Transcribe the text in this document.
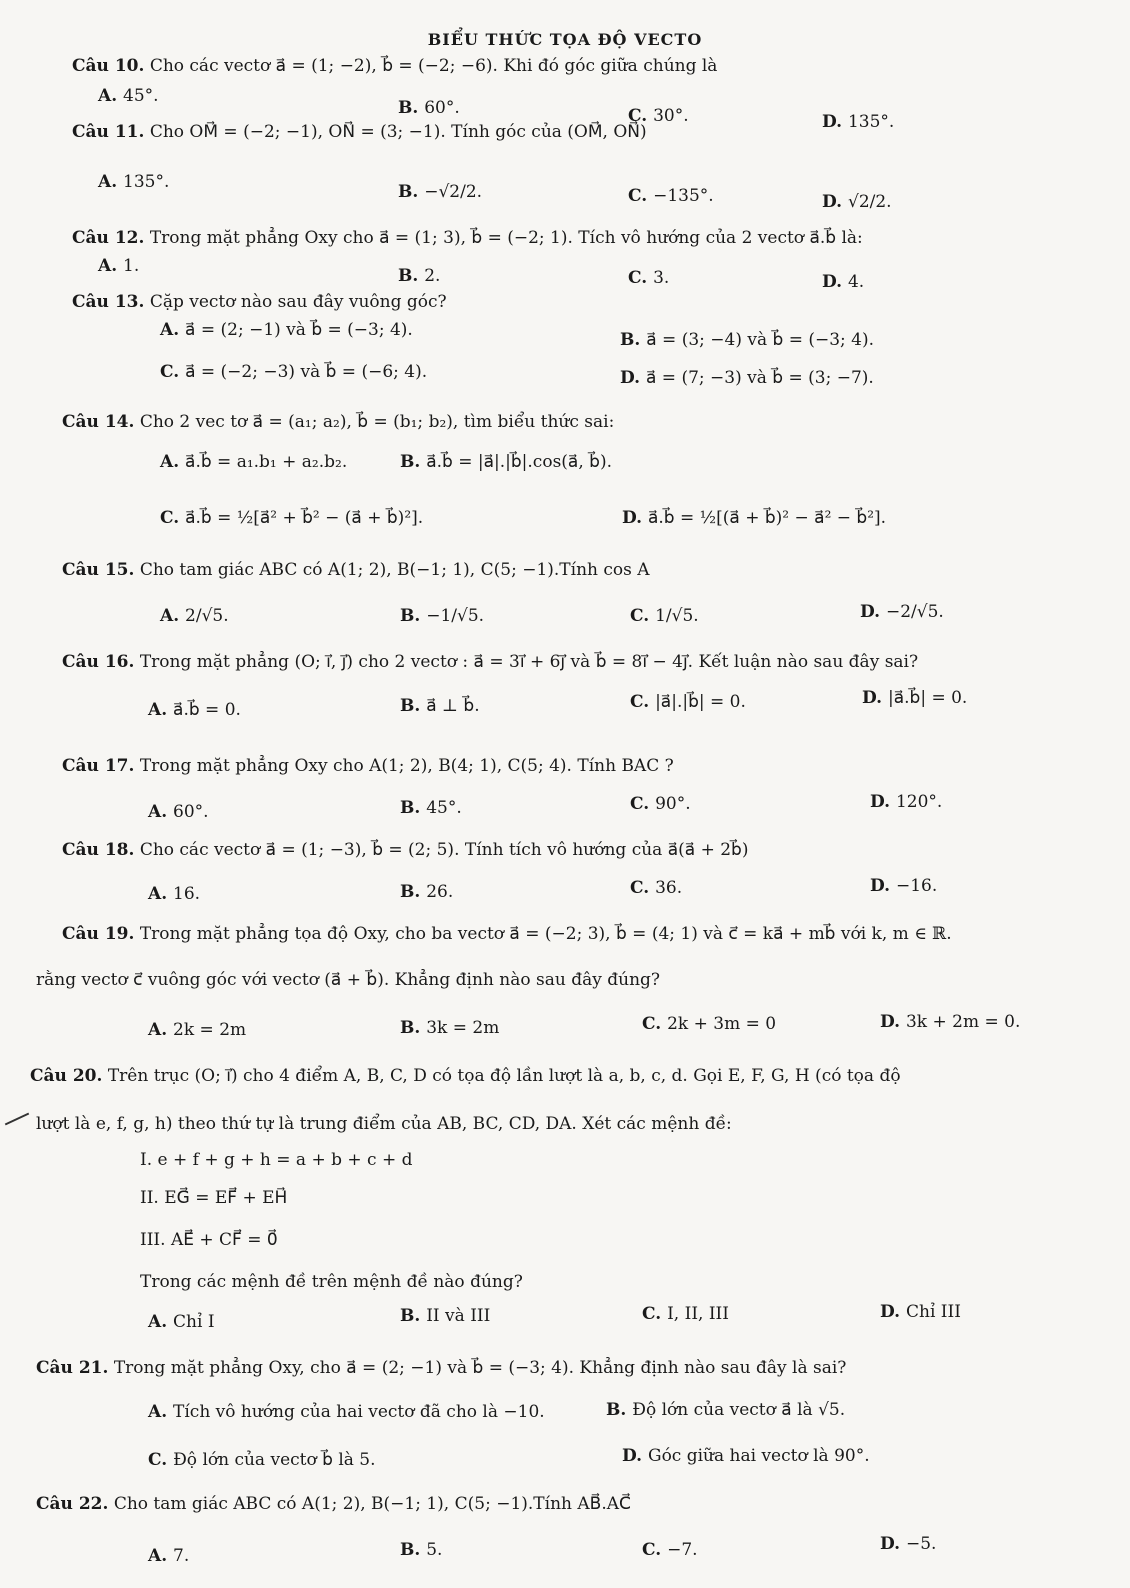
BIỂU THỨC TỌA ĐỘ VECTO
Câu 10. Cho các vectơ a⃗ = (1; −2), b⃗ = (−2; −6). Khi đó góc giữa chúng là
A. 45°.
B. 60°.	C. 30°.	D. 135°.
Câu 11. Cho OM⃗ = (−2; −1), ON⃗ = (3; −1). Tính góc của (OM⃗, ON⃗)
A. 135°.	B. −√2/2.	C. −135°.	D. √2/2.
Câu 12. Trong mặt phẳng Oxy cho a⃗ = (1; 3), b⃗ = (−2; 1). Tích vô hướng của 2 vectơ a⃗.b⃗ là:
A. 1.	B. 2.	C. 3.	D. 4.
Câu 13. Cặp vectơ nào sau đây vuông góc?
A. a⃗ = (2; −1) và b⃗ = (−3; 4).	B. a⃗ = (3; −4) và b⃗ = (−3; 4).
C. a⃗ = (−2; −3) và b⃗ = (−6; 4).	D. a⃗ = (7; −3) và b⃗ = (3; −7).
Câu 14. Cho 2 vec tơ a⃗ = (a₁; a₂), b⃗ = (b₁; b₂), tìm biểu thức sai:
A. a⃗.b⃗ = a₁.b₁ + a₂.b₂.	B. a⃗.b⃗ = |a⃗|.|b⃗|.cos(a⃗, b⃗).
C. a⃗.b⃗ = ½[a⃗² + b⃗² − (a⃗ + b⃗)²].	D. a⃗.b⃗ = ½[(a⃗ + b⃗)² − a⃗² − b⃗²].
Câu 15. Cho tam giác ABC có A(1; 2), B(−1; 1), C(5; −1).Tính cos A
A. 2/√5.	B. −1/√5.	C. 1/√5.	D. −2/√5.
Câu 16. Trong mặt phẳng (O; i⃗, j⃗) cho 2 vectơ : a⃗ = 3i⃗ + 6j⃗ và b⃗ = 8i⃗ − 4j⃗. Kết luận nào sau đây sai?
A. a⃗.b⃗ = 0.	B. a⃗ ⊥ b⃗.	C. |a⃗|.|b⃗| = 0.	D. |a⃗.b⃗| = 0.
Câu 17. Trong mặt phẳng Oxy cho A(1; 2), B(4; 1), C(5; 4). Tính BAC ?
A. 60°.	B. 45°.	C. 90°.	D. 120°.
Câu 18. Cho các vectơ a⃗ = (1; −3), b⃗ = (2; 5). Tính tích vô hướng của a⃗(a⃗ + 2b⃗)
A. 16.	B. 26.	C. 36.	D. −16.
Câu 19. Trong mặt phẳng tọa độ Oxy, cho ba vectơ a⃗ = (−2; 3), b⃗ = (4; 1) và c⃗ = ka⃗ + mb⃗ với k, m ∈ ℝ.
rằng vectơ c⃗ vuông góc với vectơ (a⃗ + b⃗). Khẳng định nào sau đây đúng?
A. 2k = 2m	B. 3k = 2m	C. 2k + 3m = 0	D. 3k + 2m = 0.
Câu 20. Trên trục (O; i⃗) cho 4 điểm A, B, C, D có tọa độ lần lượt là a, b, c, d. Gọi E, F, G, H (có tọa độ
lượt là e, f, g, h) theo thứ tự là trung điểm của AB, BC, CD, DA. Xét các mệnh đề:
I. e + f + g + h = a + b + c + d
II. EG⃗ = EF⃗ + EH⃗
III. AE⃗ + CF⃗ = 0⃗
Trong các mệnh đề trên mệnh đề nào đúng?
A. Chỉ I	B. II và III	C. I, II, III	D. Chỉ III
Câu 21. Trong mặt phẳng Oxy, cho a⃗ = (2; −1) và b⃗ = (−3; 4). Khẳng định nào sau đây là sai?
A. Tích vô hướng của hai vectơ đã cho là −10.	B. Độ lớn của vectơ a⃗ là √5.
C. Độ lớn của vectơ b⃗ là 5.	D. Góc giữa hai vectơ là 90°.
Câu 22. Cho tam giác ABC có A(1; 2), B(−1; 1), C(5; −1).Tính AB⃗.AC⃗
A. 7.	B. 5.	C. −7.	D. −5.
